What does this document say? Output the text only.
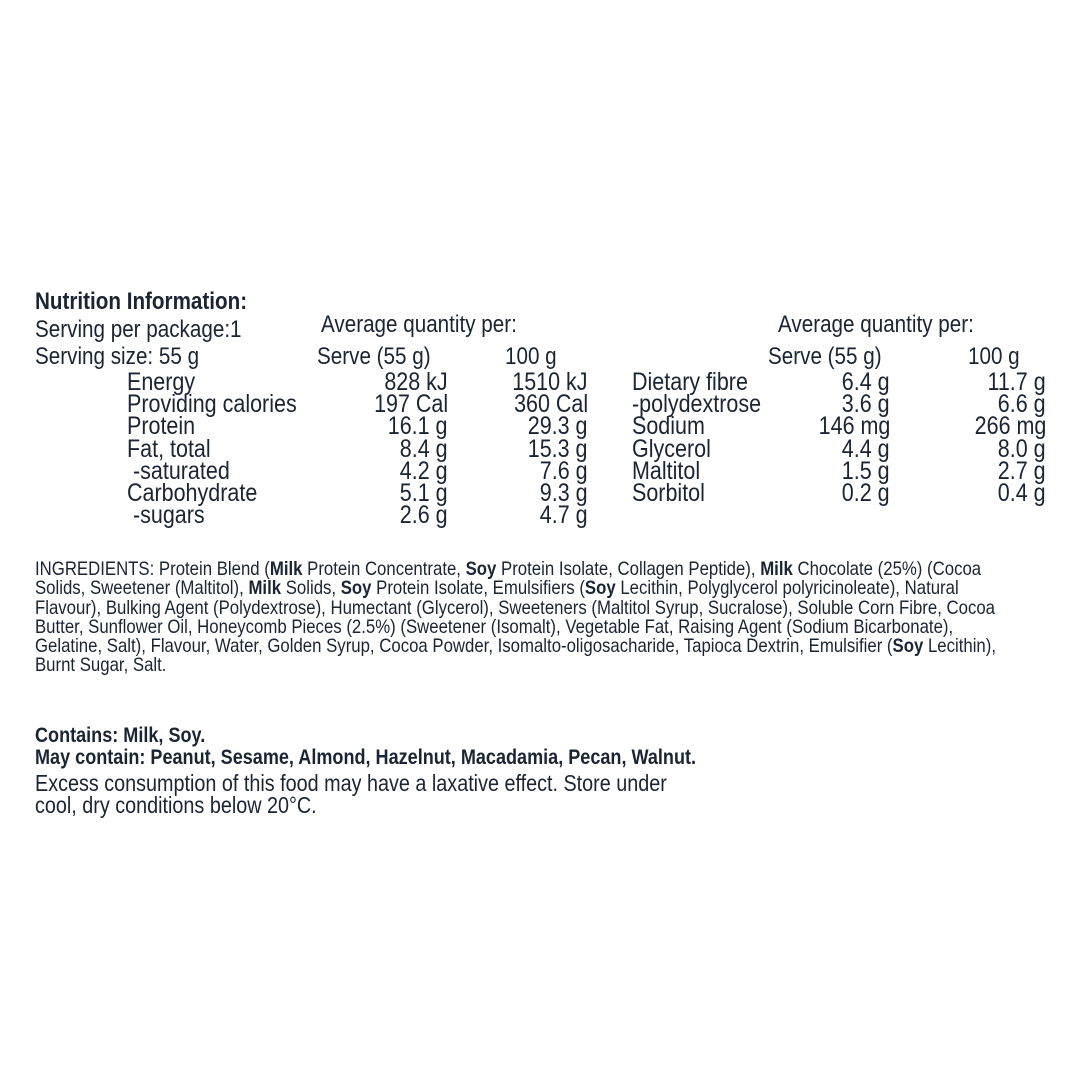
Nutrition Information:
Serving per package:1
Serving size: 55 g
Average quantity per:
Serve (55 g)	100 g
Average quantity per:
Serve (55 g)	100 g
Energy	828 kJ	1510 kJ
Providing calories	197 Cal	360 Cal
Protein	16.1 g	29.3 g
Fat, total	8.4 g	15.3 g
-saturated	4.2 g	7.6 g
Carbohydrate	5.1 g	9.3 g
-sugars	2.6 g	4.7 g
Dietary fibre	6.4 g	11.7 g
-polydextrose	3.6 g	6.6 g
Sodium	146 mg	266 mg
Glycerol	4.4 g	8.0 g
Maltitol	1.5 g	2.7 g
Sorbitol	0.2 g	0.4 g
INGREDIENTS: Protein Blend (Milk Protein Concentrate, Soy Protein Isolate, Collagen Peptide), Milk Chocolate (25%) (Cocoa Solids, Sweetener (Maltitol), Milk Solids, Soy Protein Isolate, Emulsifiers (Soy Lecithin, Polyglycerol polyricinoleate), Natural Flavour), Bulking Agent (Polydextrose), Humectant (Glycerol), Sweeteners (Maltitol Syrup, Sucralose), Soluble Corn Fibre, Cocoa Butter, Sunflower Oil, Honeycomb Pieces (2.5%) (Sweetener (Isomalt), Vegetable Fat, Raising Agent (Sodium Bicarbonate), Gelatine, Salt), Flavour, Water, Golden Syrup, Cocoa Powder, Isomalto-oligosacharide, Tapioca Dextrin, Emulsifier (Soy Lecithin), Burnt Sugar, Salt.
Contains: Milk, Soy.
May contain: Peanut, Sesame, Almond, Hazelnut, Macadamia, Pecan, Walnut.
Excess consumption of this food may have a laxative effect. Store under
cool, dry conditions below 20°C.
